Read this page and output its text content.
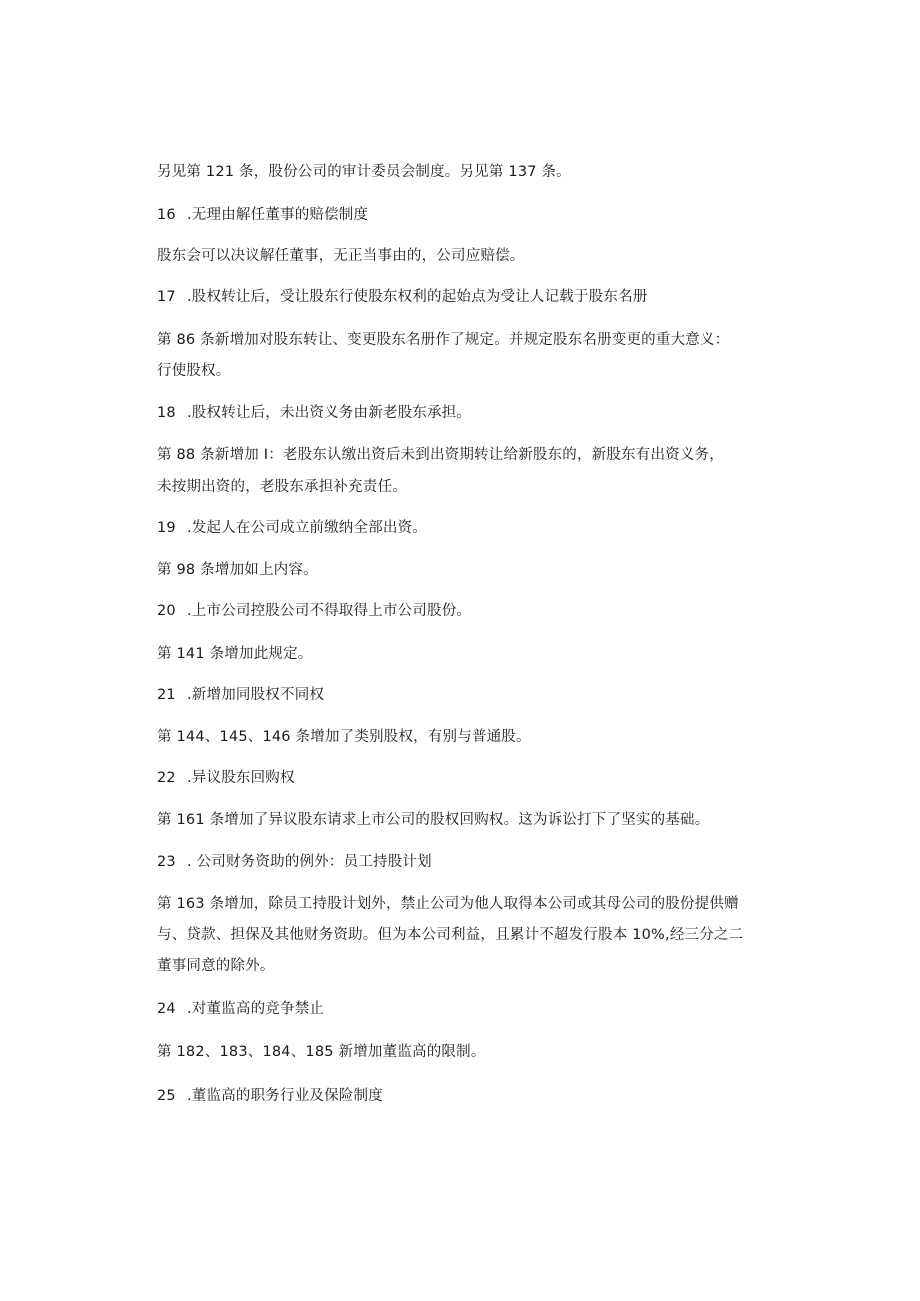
另见第 121 条，股份公司的审计委员会制度。另见第 137 条。
16 .无理由解任董事的赔偿制度
股东会可以决议解任董事，无正当事由的，公司应赔偿。
17 .股权转让后，受让股东行使股东权利的起始点为受让人记载于股东名册
第 86 条新增加对股东转让、变更股东名册作了规定。并规定股东名册变更的重大意义：
行使股权。
18 .股权转让后，未出资义务由新老股东承担。
第 88 条新增加 I：老股东认缴出资后未到出资期转让给新股东的，新股东有出资义务，
未按期出资的，老股东承担补充责任。
19 .发起人在公司成立前缴纳全部出资。
第 98 条增加如上内容。
20 .上市公司控股公司不得取得上市公司股份。
第 141 条增加此规定。
21 .新增加同股权不同权
第 144、145、146 条增加了类别股权，有别与普通股。
22 .异议股东回购权
第 161 条增加了异议股东请求上市公司的股权回购权。这为诉讼打下了坚实的基础。
23 . 公司财务资助的例外：员工持股计划
第 163 条增加，除员工持股计划外，禁止公司为他人取得本公司或其母公司的股份提供赠
与、贷款、担保及其他财务资助。但为本公司利益，且累计不超发行股本 10%,经三分之二
董事同意的除外。
24 .对董监高的竞争禁止
第 182、183、184、185 新增加董监高的限制。
25 .董监高的职务行业及保险制度
